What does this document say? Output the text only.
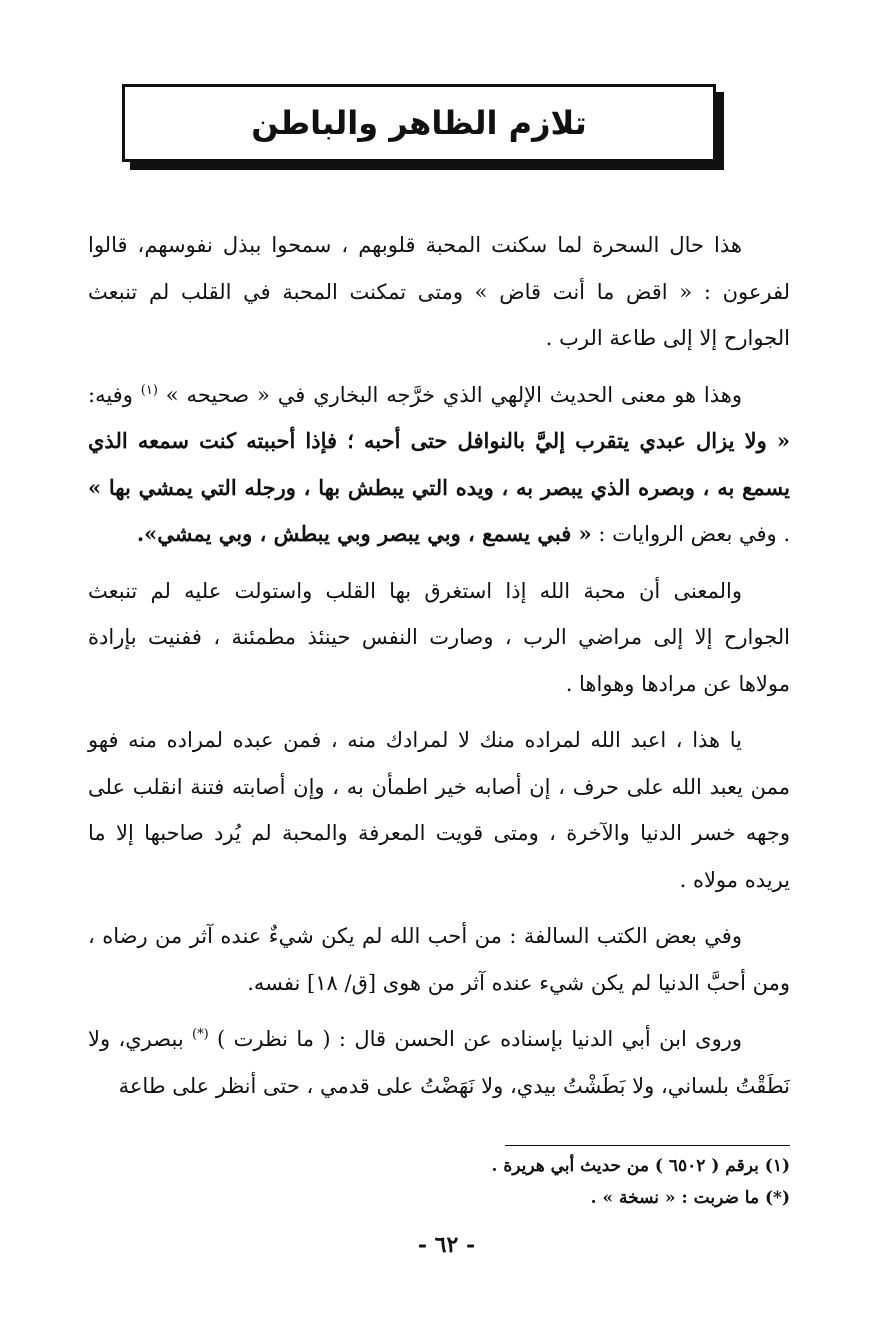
تلازم الظاهر والباطن

هذا حال السحرة لما سكنت المحبة قلوبهم ، سمحوا ببذل نفوسهم، قالوا لفرعون : « اقض ما أنت قاض » ومتى تمكنت المحبة في القلب لم تنبعث الجوارح إلا إلى طاعة الرب .

وهذا هو معنى الحديث الإلهي الذي خرَّجه البخاري في « صحيحه » $^{(١)}$ وفيه: « ولا يزال عبدي يتقرب إليَّ بالنوافل حتى أحبه ؛ فإذا أحببته كنت سمعه الذي يسمع به ، وبصره الذي يبصر به ، ويده التي يبطش بها ، ورجله التي يمشي بها » . وفي بعض الروايات : « فبي يسمع ، وبي يبصر وبي يبطش ، وبي يمشي».

والمعنى أن محبة الله إذا استغرق بها القلب واستولت عليه لم تنبعث الجوارح إلا إلى مراضي الرب ، وصارت النفس حينئذ مطمئنة ، ففنيت بإرادة مولاها عن مرادها وهواها .

يا هذا ، اعبد الله لمراده منك لا لمرادك منه ، فمن عبده لمراده منه فهو ممن يعبد الله على حرف ، إن أصابه خير اطمأن به ، وإن أصابته فتنة انقلب على وجهه خسر الدنيا والآخرة ، ومتى قويت المعرفة والمحبة لم يُرد صاحبها إلا ما يريده مولاه .

وفي بعض الكتب السالفة : من أحب الله لم يكن شيءٌ عنده آثر من رضاه ، ومن أحبَّ الدنيا لم يكن شيء عنده آثر من هوى [ق/ ١٨] نفسه.

وروى ابن أبي الدنيا بإسناده عن الحسن قال : ( ما نظرت ) (*) ببصري، ولا نَطَقْتُ بلساني، ولا بَطَشْتُ بيدي، ولا نَهَضْتُ على قدمي ، حتى أنظر على طاعة

(١) برقم ( ٦٥٠٢ ) من حديث أبي هريرة .
(*) ما ضربت : « نسخة » .
- ٦٢ -
